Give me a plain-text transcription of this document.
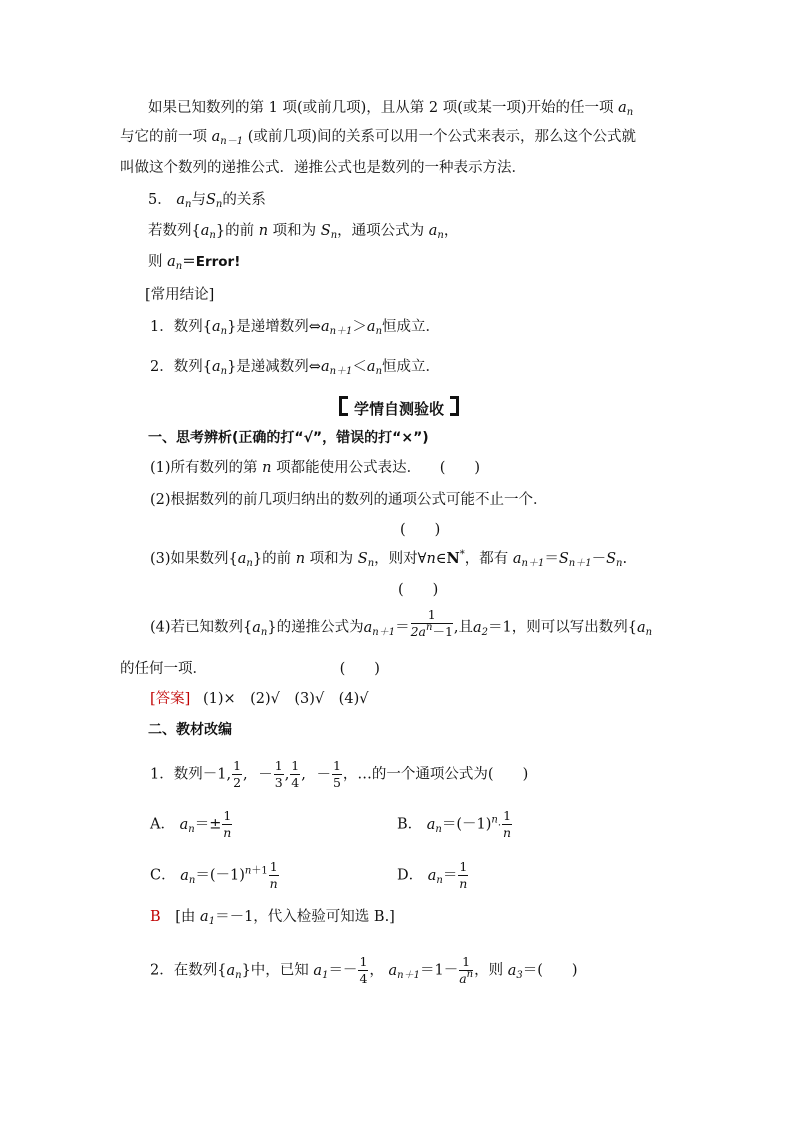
如果已知数列的第 1 项(或前几项)，且从第 2 项(或某一项)开始的任一项 $a_n$
与它的前一项 $a_{n-1}$ (或前几项)间的关系可以用一个公式来表示，那么这个公式就
叫做这个数列的递推公式．递推公式也是数列的一种表示方法．
5． $a_n$与$S_n$的关系
若数列$\{a_n\}$的前 n 项和为 $S_n$，通项公式为 $a_n$，
则 $a_n=Error$!
[常用结论]
1．数列$\{a_n\}$是递增数列$\Leftrightarrow a_{n+1}>a_n$恒成立．
2．数列$\{a_n\}$是递减数列$\Leftrightarrow a_{n+1}<a_n$恒成立．
学情自测验收
一、思考辨析(正确的打“√”，错误的打“×”)
(1)所有数列的第 n 项都能使用公式表达． (　　)
(2)根据数列的前几项归纳出的数列的通项公式可能不止一个．
(　　)
(3)如果数列$\{a_n\}$的前 n 项和为 $S_n$，则对∀n∈N*，都有 $a_{n+1}=S_{n+1}-S_n$.
(　　)
(4)若已知数列$\{a_n\}$的递推公式为$a_{n+1}= \frac{1}{2a^n-1}$ ,且$a_2=1$，则可以写出数列{$a_n$
的任何一项．	(　　)
[答案] (1)×　(2)√　(3)√　(4)√
二、教材改编
1．数列－1, $\frac{1}{2}$ , － $\frac{1}{3}$ , $\frac{1}{4}$ , － $\frac{1}{5}$ ，…的一个通项公式为(　　)
A． $a_n=\pm \frac{1}{n}$	B． $a_n=(-1)^n\cdot \frac{1}{n}$
C． $a_n=(-1)^{n+1} \frac{1}{n}$	D． $a_n= \frac{1}{n}$
B [由 $a_1=-1$，代入检验可知选 B.]
2．在数列$\{a_n\}$中，已知 $a_1=- \frac{1}{4}$ ， $a_{n+1}=1- \frac{1}{a^n}$ ，则 $a_3=$(　　)
